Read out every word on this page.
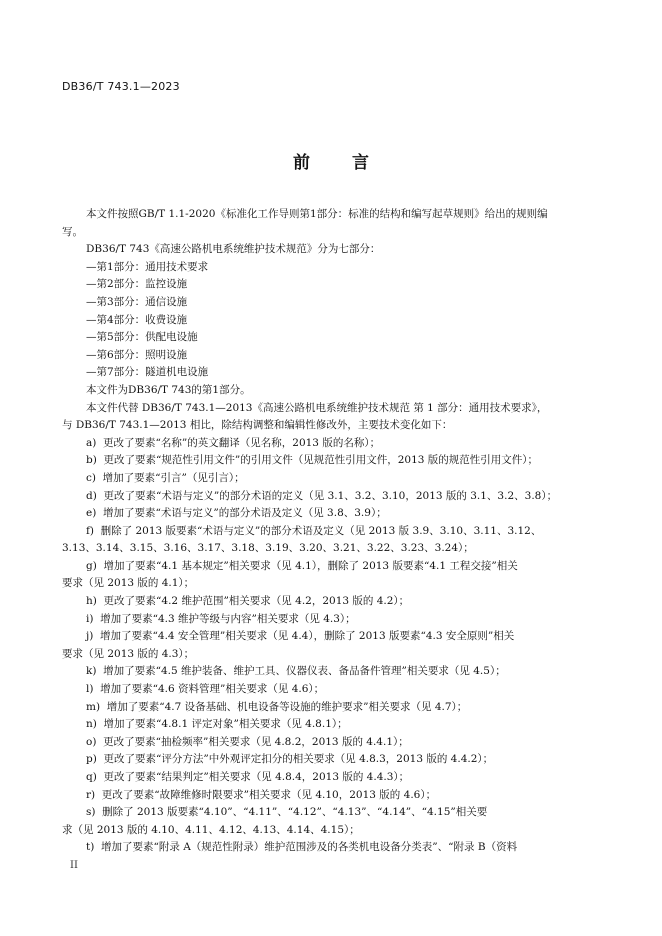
DB36/T 743.1—2023
前 言

本文件按照GB/T 1.1-2020《标准化工作导则第1部分：标准的结构和编写起草规则》给出的规则编

写。

DB36/T 743《高速公路机电系统维护技术规范》分为七部分：

—第1部分：通用技术要求

—第2部分：监控设施

—第3部分：通信设施

—第4部分：收费设施

—第5部分：供配电设施

—第6部分：照明设施

—第7部分：隧道机电设施

本文件为DB36/T 743的第1部分。

本文件代替 DB36/T 743.1—2013《高速公路机电系统维护技术规范 第 1 部分：通用技术要求》，

与 DB36/T 743.1—2013 相比，除结构调整和编辑性修改外，主要技术变化如下：

a)  更改了要素“名称”的英文翻译（见名称，2013 版的名称）；

b)  更改了要素“规范性引用文件”的引用文件（见规范性引用文件，2013 版的规范性引用文件）；

c)  增加了要素“引言”（见引言）；

d)  更改了要素“术语与定义”的部分术语的定义（见 3.1、3.2、3.10，2013 版的 3.1、3.2、3.8）；

e)  增加了要素“术语与定义”的部分术语及定义（见 3.8、3.9）；

f)  删除了 2013 版要素“术语与定义”的部分术语及定义（见 2013 版 3.9、3.10、3.11、3.12、

3.13、3.14、3.15、3.16、3.17、3.18、3.19、3.20、3.21、3.22、3.23、3.24）；

g)  增加了要素“4.1 基本规定”相关要求（见 4.1），删除了 2013 版要素“4.1 工程交接”相关

要求（见 2013 版的 4.1）；

h)  更改了要素“4.2 维护范围”相关要求（见 4.2，2013 版的 4.2）；

i)  增加了要素“4.3 维护等级与内容”相关要求（见 4.3）；

j)  增加了要素“4.4 安全管理”相关要求（见 4.4），删除了 2013 版要素“4.3 安全原则”相关

要求（见 2013 版的 4.3）；

k)  增加了要素“4.5 维护装备、维护工具、仪器仪表、备品备件管理”相关要求（见 4.5）；

l)  增加了要素“4.6 资料管理”相关要求（见 4.6）；

m)  增加了要素“4.7 设备基础、机电设备等设施的维护要求”相关要求（见 4.7）；

n)  增加了要素“4.8.1 评定对象”相关要求（见 4.8.1）；

o)  更改了要素“抽检频率”相关要求（见 4.8.2，2013 版的 4.4.1）；

p)  更改了要素“评分方法”中外观评定扣分的相关要求（见 4.8.3，2013 版的 4.4.2）；

q)  更改了要素“结果判定”相关要求（见 4.8.4，2013 版的 4.4.3）；

r)  更改了要素“故障维修时限要求”相关要求（见 4.10，2013 版的 4.6）；

s)  删除了 2013 版要素“4.10”、“4.11”、“4.12”、“4.13”、“4.14”、“4.15”相关要

求（见 2013 版的 4.10、4.11、4.12、4.13、4.14、4.15）；

t)  增加了要素“附录 A（规范性附录）维护范围涉及的各类机电设备分类表”、“附录 B（资料

II
